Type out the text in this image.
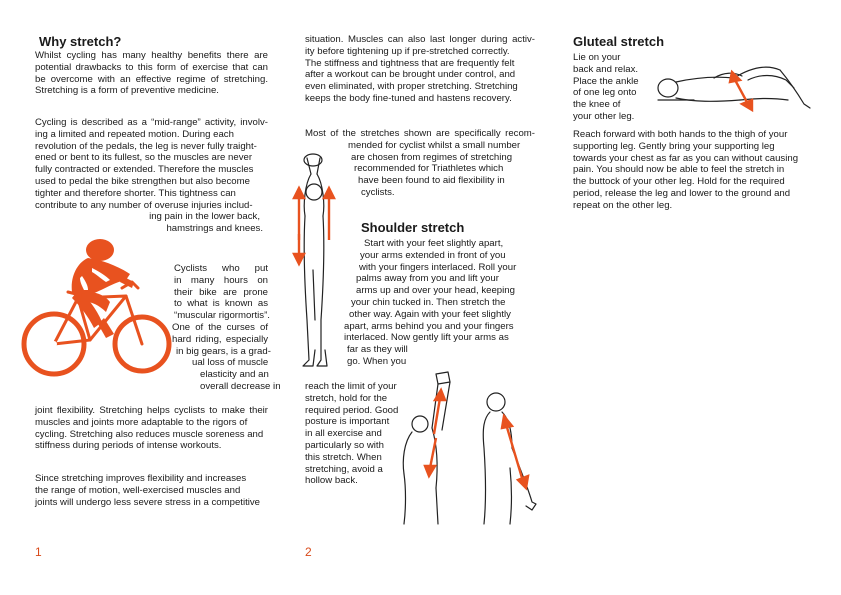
Why stretch?
Whilst cycling has many healthy benefits there are
potential drawbacks to this form of exercise that can
be overcome with an effective regime of stretching.
Stretching is a form of preventive medicine.
Cycling is described as a “mid-range” activity, involv-
ing a limited and repeated motion. During each
revolution of the pedals, the leg is never fully traight-
ened or bent to its fullest, so the muscles are never
fully contracted or extended. Therefore the muscles
used to pedal the bike strengthen but also become
tighter and therefore shorter. This tightness can
contribute to any number of overuse injuries includ-
ing pain in the lower back,
hamstrings and knees.
Cyclists who put
in many hours on
their bike are prone
to what is known as
“muscular rigormortis”.
One of the curses of
hard riding, especially
in big gears, is a grad-
ual loss of muscle
elasticity and an
overall decrease in
joint flexibility. Stretching helps cyclists to make their
muscles and joints more adaptable to the rigors of
cycling. Stretching also reduces muscle soreness and
stiffness during periods of intense workouts.
Since stretching improves flexibility and increases
the range of motion, well-exercised muscles and
joints will undergo less severe stress in a competitive

1

situation. Muscles can also last longer during activ-
ity before tightening up if pre-stretched correctly.
The stiffness and tightness that are frequently felt
after a workout can be brought under control, and
even eliminated, with proper stretching. Stretching
keeps the body fine-tuned and hastens recovery.
Most of the stretches shown are specifically recom-
mended for cyclist whilst a small number
are chosen from regimes of stretching
recommended for Triathletes which
have been found to aid flexibility in
cyclists.
Shoulder stretch
Start with your feet slightly apart,
your arms extended in front of you
with your fingers interlaced. Roll your
palms away from you and lift your
arms up and over your head, keeping
your chin tucked in. Then stretch the
other way. Again with your feet slightly
apart, arms behind you and your fingers
interlaced. Now gently lift your arms as
far as they will
go. When you
reach the limit of your
stretch, hold for the
required period. Good
posture is important
in all exercise and
particularly so with
this stretch. When
stretching, avoid a
hollow back.

2

Gluteal stretch
Lie on your
back and relax.
Place the ankle
of one leg onto
the knee of
your other leg.
Reach forward with both hands to the thigh of your
supporting leg. Gently bring your supporting leg
towards your chest as far as you can without causing
pain. You should now be able to feel the stretch in
the buttock of your other leg. Hold for the required
period, release the leg and lower to the ground and
repeat on the other leg.
